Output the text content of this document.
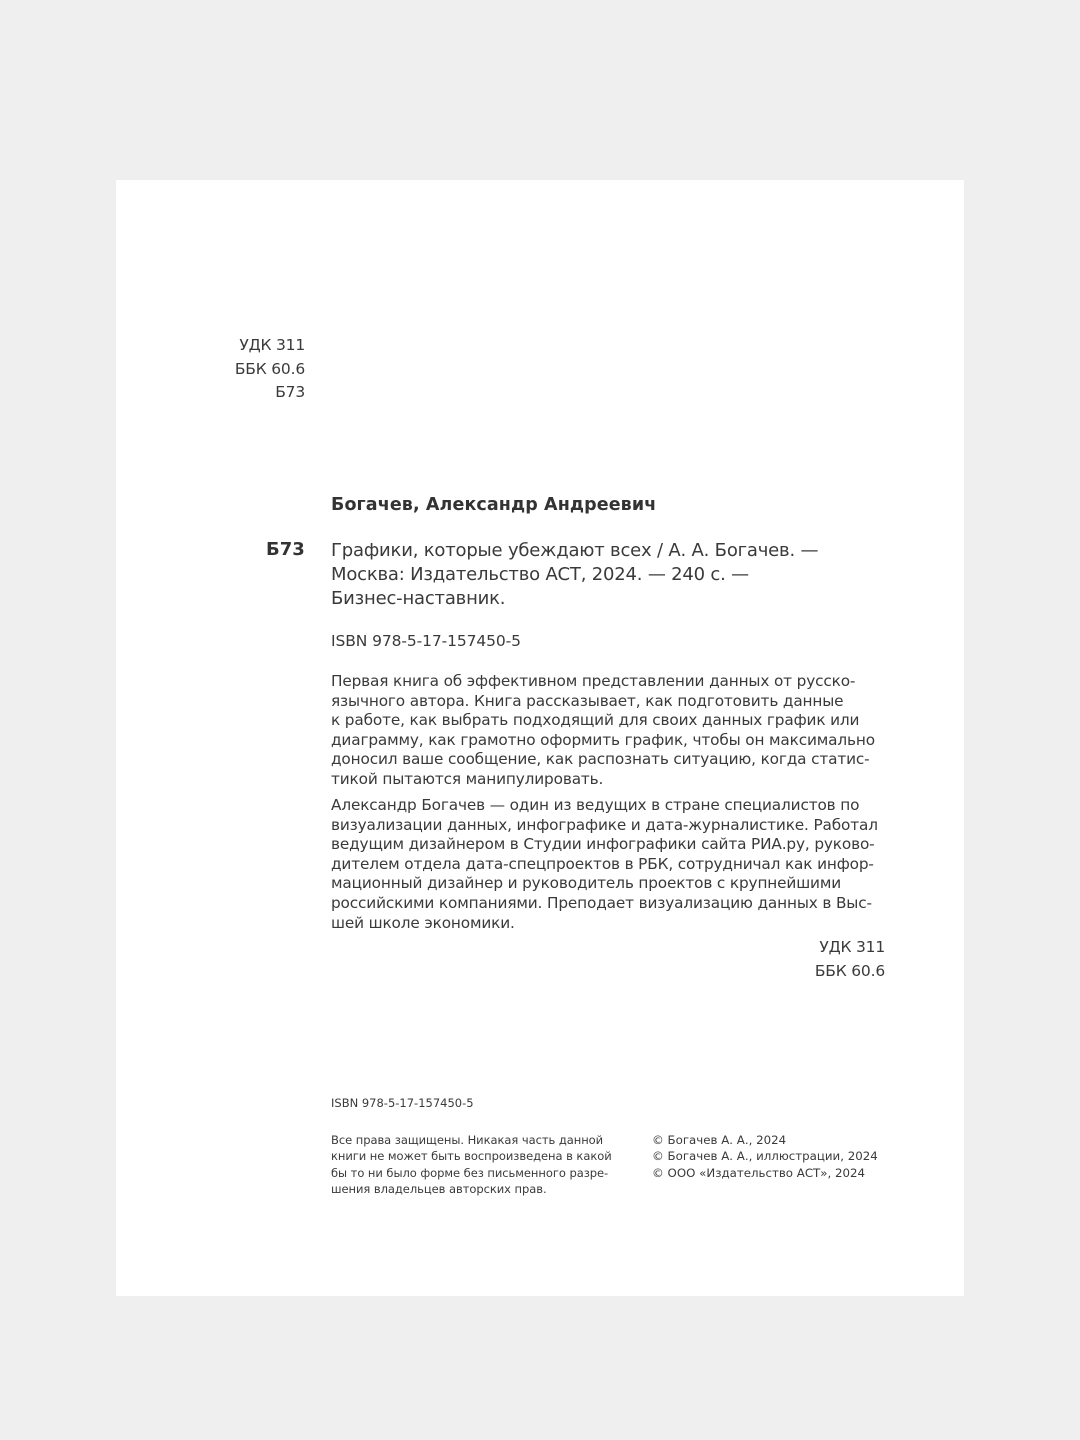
УДК 311
ББК 60.6
Б73
Богачев, Александр Андреевич
Б73 Графики, которые убеждают всех / А. А. Богачев. —
Москва: Издательство АСТ, 2024. — 240 с. —
Бизнес-наставник.
ISBN 978-5-17-157450-5
Первая книга об эффективном представлении данных от русско-
язычного автора. Книга рассказывает, как подготовить данные
к работе, как выбрать подходящий для своих данных график или
диаграмму, как грамотно оформить график, чтобы он максимально
доносил ваше сообщение, как распознать ситуацию, когда статис-
тикой пытаются манипулировать.
Александр Богачев — один из ведущих в стране специалистов по
визуализации данных, инфографике и дата-журналистике. Работал
ведущим дизайнером в Студии инфографики сайта РИА.ру, руково-
дителем отдела дата-спецпроектов в РБК, сотрудничал как инфор-
мационный дизайнер и руководитель проектов с крупнейшими
российскими компаниями. Преподает визуализацию данных в Выс-
шей школе экономики.
УДК 311
ББК 60.6
ISBN 978-5-17-157450-5
Все права защищены. Никакая часть данной
книги не может быть воспроизведена в какой
бы то ни было форме без письменного разре-
шения владельцев авторских прав.
© Богачев А. А., 2024
© Богачев А. А., иллюстрации, 2024
© ООО «Издательство АСТ», 2024
